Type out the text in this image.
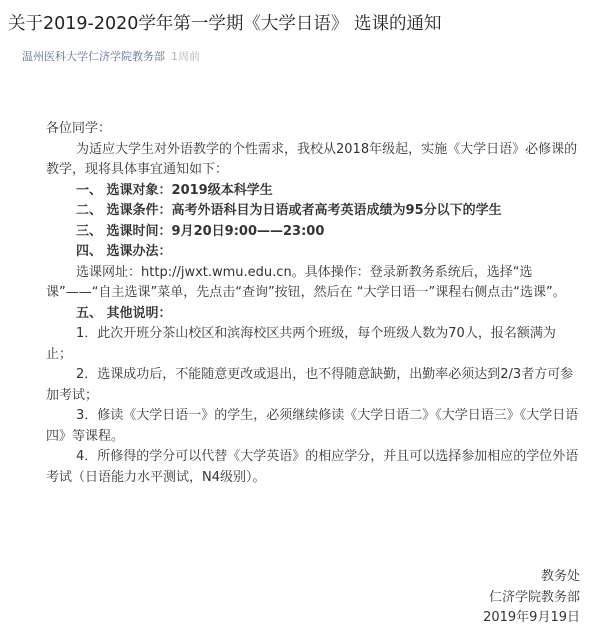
关于2019-2020学年第一学期《大学日语》 选课的通知
温州医科大学仁济学院教务部 1周前

各位同学：

为适应大学生对外语教学的个性需求，我校从2018年级起，实施《大学日语》必修课的教学，现将具体事宜通知如下：

一、 选课对象：2019级本科学生

二、 选课条件：高考外语科目为日语或者高考英语成绩为95分以下的学生

三、 选课时间：9月20日9:00——23:00

四、 选课办法：

选课网址：http://jwxt.wmu.edu.cn。具体操作：登录新教务系统后，选择“选课”——“自主选课”菜单，先点击“查询”按钮，然后在 “大学日语一”课程右侧点击“选课”。

五、 其他说明：

1．此次开班分茶山校区和滨海校区共两个班级，每个班级人数为70人，报名额满为止；

2．选课成功后，不能随意更改或退出，也不得随意缺勤，出勤率必须达到2/3者方可参加考试；

3．修读《大学日语一》的学生，必须继续修读《大学日语二》《大学日语三》《大学日语四》等课程。

4．所修得的学分可以代替《大学英语》的相应学分，并且可以选择参加相应的学位外语考试（日语能力水平测试，N4级别）。

教务处

仁济学院教务部

2019年9月19日
